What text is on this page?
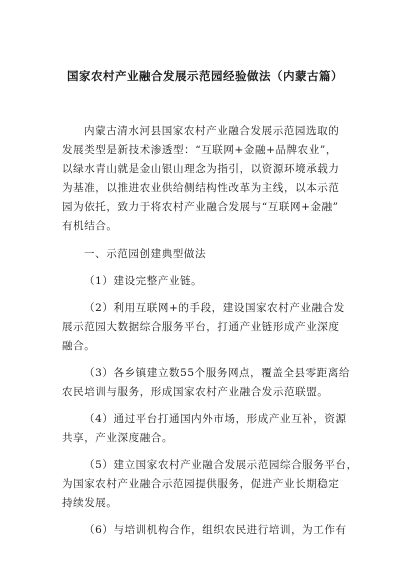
国家农村产业融合发展示范园经验做法（内蒙古篇）

内蒙古清水河县国家农村产业融合发展示范园选取的

发展类型是新技术渗透型：“互联网+金融+品牌农业”，

以绿水青山就是金山银山理念为指引，以资源环境承载力

为基准，以推进农业供给侧结构性改革为主线，以本示范

园为依托，致力于将农村产业融合发展与“互联网+金融”

有机结合。

一、示范园创建典型做法

（1）建设完整产业链。

（2）利用互联网+的手段，建设国家农村产业融合发

展示范园大数据综合服务平台，打通产业链形成产业深度

融合。

（3）各乡镇建立数55个服务网点，覆盖全县零距离给

农民培训与服务，形成国家农村产业融合发示范联盟。

（4）通过平台打通国内外市场，形成产业互补，资源

共享，产业深度融合。

（5）建立国家农村产业融合发展示范园综合服务平台，

为国家农村产业融合示范园提供服务，促进产业长期稳定

持续发展。

（6）与培训机构合作，组织农民进行培训，为工作有
